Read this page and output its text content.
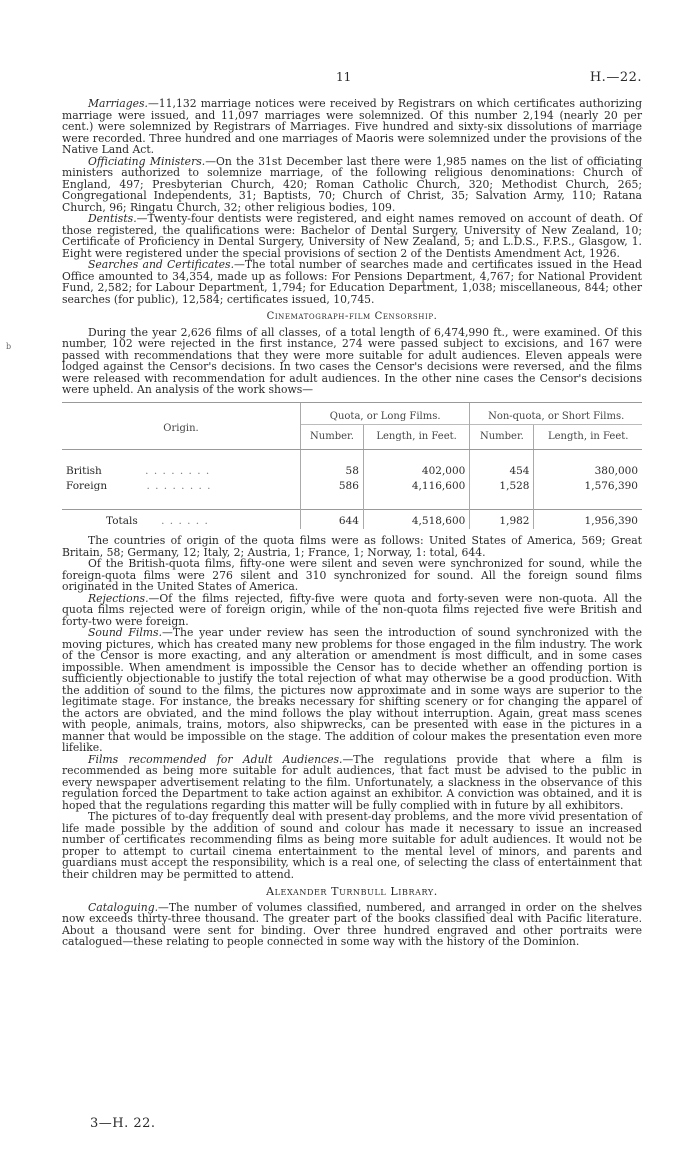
11	H.—22.
b

Marriages.—11,132 marriage notices were received by Registrars on which certificates authorizing marriage were issued, and 11,097 marriages were solemnized. Of this number 2,194 (nearly 20 per cent.) were solemnized by Registrars of Marriages. Five hundred and sixty-six dissolutions of marriage were recorded. Three hundred and one marriages of Maoris were solemnized under the provisions of the Native Land Act.

Officiating Ministers.—On the 31st December last there were 1,985 names on the list of officiating ministers authorized to solemnize marriage, of the following religious denominations: Church of England, 497; Presbyterian Church, 420; Roman Catholic Church, 320; Methodist Church, 265; Congregational Independents, 31; Baptists, 70; Church of Christ, 35; Salvation Army, 110; Ratana Church, 96; Ringatu Church, 32; other religious bodies, 109.

Dentists.—Twenty-four dentists were registered, and eight names removed on account of death. Of those registered, the qualifications were: Bachelor of Dental Surgery, University of New Zealand, 10; Certificate of Proficiency in Dental Surgery, University of New Zealand, 5; and L.D.S., F.P.S., Glasgow, 1. Eight were registered under the special provisions of section 2 of the Dentists Amendment Act, 1926.

Searches and Certificates.—The total number of searches made and certificates issued in the Head Office amounted to 34,354, made up as follows: For Pensions Department, 4,767; for National Provident Fund, 2,582; for Labour Department, 1,794; for Education Department, 1,038; miscellaneous, 844; other searches (for public), 12,584; certificates issued, 10,745.

Cinematograph-film Censorship.

During the year 2,626 films of all classes, of a total length of 6,474,990 ft., were examined. Of this number, 102 were rejected in the first instance, 274 were passed subject to excisions, and 167 were passed with recommendations that they were more suitable for adult audiences. Eleven appeals were lodged against the Censor's decisions. In two cases the Censor's decisions were reversed, and the films were released with recommendation for adult audiences. In the other nine cases the Censor's decisions were upheld. An analysis of the work shows—

Origin.	Quota, or Long Films.		Non-quota, or Short Films.	
	Number.	Length, in Feet.	Number.	Length, in Feet.

British . . . . . . . .	58	402,000	454	380,000
Foreign . . . . . . . .	586	4,116,600	1,528	1,576,390

Totals . . . . . .	644	4,518,600	1,982	1,956,390

The countries of origin of the quota films were as follows: United States of America, 569; Great Britain, 58; Germany, 12; Italy, 2; Austria, 1; France, 1; Norway, 1: total, 644.

Of the British-quota films, fifty-one were silent and seven were synchronized for sound, while the foreign-quota films were 276 silent and 310 synchronized for sound. All the foreign sound films originated in the United States of America.

Rejections.—Of the films rejected, fifty-five were quota and forty-seven were non-quota. All the quota films rejected were of foreign origin, while of the non-quota films rejected five were British and forty-two were foreign.

Sound Films.—The year under review has seen the introduction of sound synchronized with the moving pictures, which has created many new problems for those engaged in the film industry. The work of the Censor is more exacting, and any alteration or amendment is most difficult, and in some cases impossible. When amendment is impossible the Censor has to decide whether an offending portion is sufficiently objectionable to justify the total rejection of what may otherwise be a good production. With the addition of sound to the films, the pictures now approximate and in some ways are superior to the legitimate stage. For instance, the breaks necessary for shifting scenery or for changing the apparel of the actors are obviated, and the mind follows the play without interruption. Again, great mass scenes with people, animals, trains, motors, also shipwrecks, can be presented with ease in the pictures in a manner that would be impossible on the stage. The addition of colour makes the presentation even more lifelike.

Films recommended for Adult Audiences.—The regulations provide that where a film is recommended as being more suitable for adult audiences, that fact must be advised to the public in every newspaper advertisement relating to the film. Unfortunately, a slackness in the observance of this regulation forced the Department to take action against an exhibitor. A conviction was obtained, and it is hoped that the regulations regarding this matter will be fully complied with in future by all exhibitors.

The pictures of to-day frequently deal with present-day problems, and the more vivid presentation of life made possible by the addition of sound and colour has made it necessary to issue an increased number of certificates recommending films as being more suitable for adult audiences. It would not be proper to attempt to curtail cinema entertainment to the mental level of minors, and parents and guardians must accept the responsibility, which is a real one, of selecting the class of entertainment that their children may be permitted to attend.

Alexander Turnbull Library.

Cataloguing.—The number of volumes classified, numbered, and arranged in order on the shelves now exceeds thirty-three thousand. The greater part of the books classified deal with Pacific literature. About a thousand were sent for binding. Over three hundred engraved and other portraits were catalogued—these relating to people connected in some way with the history of the Dominion.

3—H. 22.
